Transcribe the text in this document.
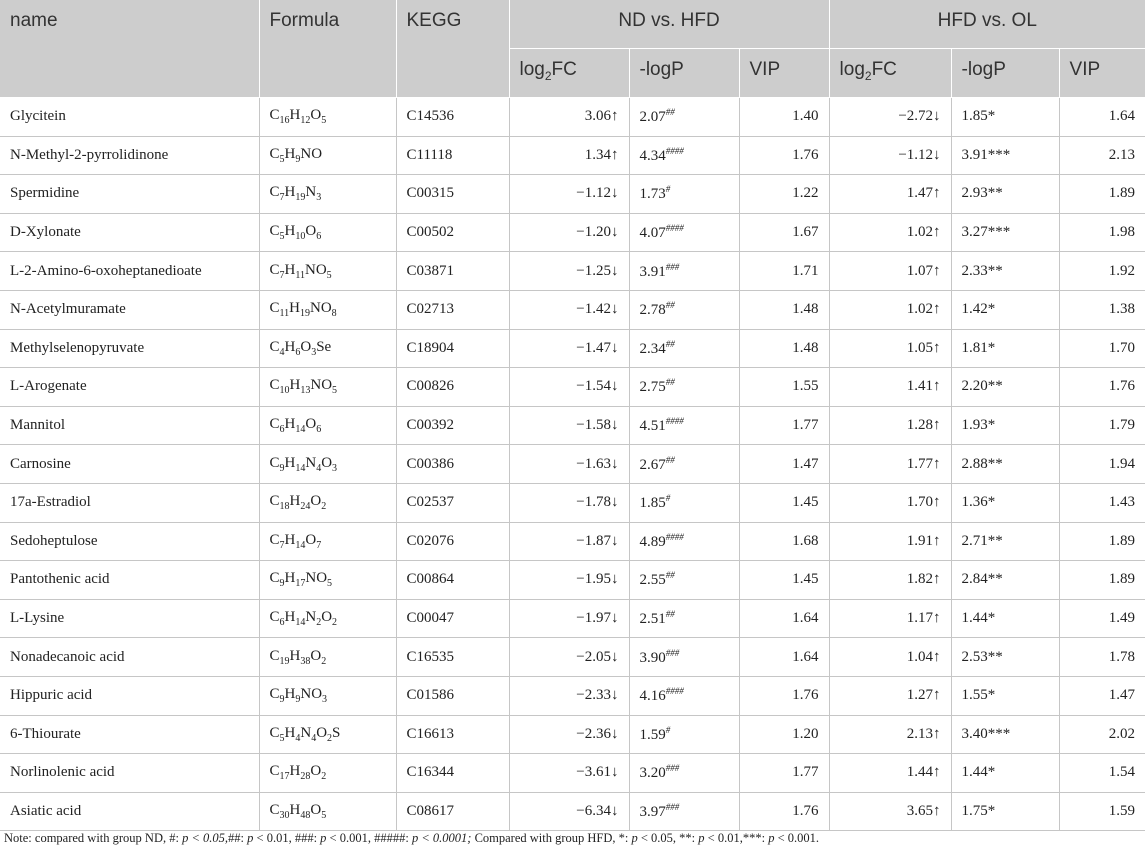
name	Formula	KEGG	ND vs. HFD			HFD vs. OL		
			$\log_2FC$	-logP	VIP	$\log_2FC$	-logP	VIP
Glycitein	$C_{16}H_{12}O_5$	C14536	3.06↑	2.07##	1.40	−2.72↓	1.85*	1.64
N-Methyl-2-pyrrolidinone	$C_5H_9NO$	C11118	1.34↑	4.34####	1.76	−1.12↓	3.91***	2.13
Spermidine	$C_7H_{19}N_3$	C00315	−1.12↓	1.73#	1.22	1.47↑	2.93**	1.89
D-Xylonate	$C_5H_{10}O_6$	C00502	−1.20↓	4.07####	1.67	1.02↑	3.27***	1.98
L-2-Amino-6-oxoheptanedioate	$C_7H_{11}NO_5$	C03871	−1.25↓	3.91###	1.71	1.07↑	2.33**	1.92
N-Acetylmuramate	$C_{11}H_{19}NO_8$	C02713	−1.42↓	2.78##	1.48	1.02↑	1.42*	1.38
Methylselenopyruvate	$C_4H_6O_3Se$	C18904	−1.47↓	2.34##	1.48	1.05↑	1.81*	1.70
L-Arogenate	$C_{10}H_{13}NO_5$	C00826	−1.54↓	2.75##	1.55	1.41↑	2.20**	1.76
Mannitol	$C_6H_{14}O_6$	C00392	−1.58↓	4.51####	1.77	1.28↑	1.93*	1.79
Carnosine	$C_9H_{14}N_4O_3$	C00386	−1.63↓	2.67##	1.47	1.77↑	2.88**	1.94
17a-Estradiol	$C_{18}H_{24}O_2$	C02537	−1.78↓	1.85#	1.45	1.70↑	1.36*	1.43
Sedoheptulose	$C_7H_{14}O_7$	C02076	−1.87↓	4.89####	1.68	1.91↑	2.71**	1.89
Pantothenic acid	$C_9H_{17}NO_5$	C00864	−1.95↓	2.55##	1.45	1.82↑	2.84**	1.89
L-Lysine	$C_6H_{14}N_2O_2$	C00047	−1.97↓	2.51##	1.64	1.17↑	1.44*	1.49
Nonadecanoic acid	$C_{19}H_{38}O_2$	C16535	−2.05↓	3.90###	1.64	1.04↑	2.53**	1.78
Hippuric acid	$C_9H_9NO_3$	C01586	−2.33↓	4.16####	1.76	1.27↑	1.55*	1.47
6-Thiourate	$C_5H_4N_4O_2S$	C16613	−2.36↓	1.59#	1.20	2.13↑	3.40***	2.02
Norlinolenic acid	$C_{17}H_{28}O_2$	C16344	−3.61↓	3.20###	1.77	1.44↑	1.44*	1.54
Asiatic acid	$C_{30}H_{48}O_5$	C08617	−6.34↓	3.97###	1.76	3.65↑	1.75*	1.59
Note: compared with group ND, #: p < 0.05,##: p < 0.01, ###: p < 0.001, #####: p < 0.0001; Compared with group HFD, *: p < 0.05, **: p < 0.01,***: p < 0.001.
